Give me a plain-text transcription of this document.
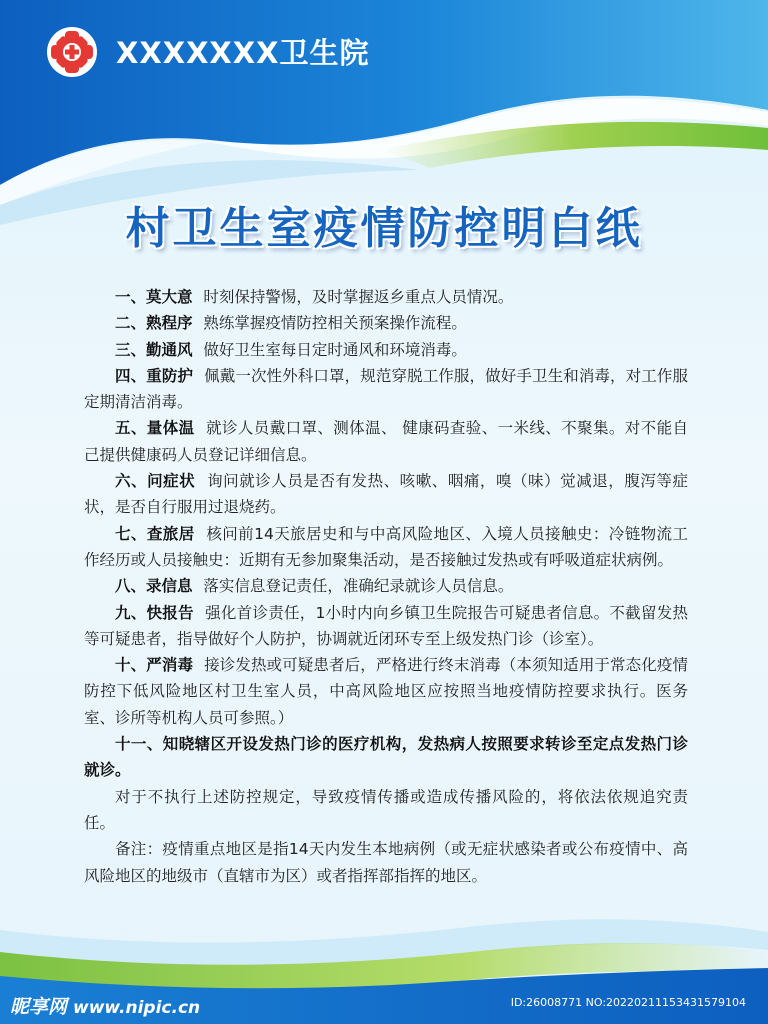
XXXXXXX卫生院

村卫生室疫情防控明白纸

一、莫大意 时刻保持警惕，及时掌握返乡重点人员情况。

二、熟程序 熟练掌握疫情防控相关预案操作流程。

三、勤通风 做好卫生室每日定时通风和环境消毒。

四、重防护 佩戴一次性外科口罩，规范穿脱工作服，做好手卫生和消毒，对工作服定期清洁消毒。

五、量体温 就诊人员戴口罩、测体温、 健康码查验、一米线、不聚集。对不能自己提供健康码人员登记详细信息。

六、问症状 询问就诊人员是否有发热、咳嗽、咽痛，嗅（味）觉减退，腹泻等症状，是否自行服用过退烧药。

七、查旅居 核问前14天旅居史和与中高风险地区、入境人员接触史：冷链物流工作经历或人员接触史：近期有无参加聚集活动，是否接触过发热或有呼吸道症状病例。

八、录信息 落实信息登记责任，准确纪录就诊人员信息。

九、快报告 强化首诊责任，1小时内向乡镇卫生院报告可疑患者信息。不截留发热等可疑患者，指导做好个人防护，协调就近闭环专至上级发热门诊（诊室）。

十、严消毒 接诊发热或可疑患者后，严格进行终末消毒（本须知适用于常态化疫情防控下低风险地区村卫生室人员，中高风险地区应按照当地疫情防控要求执行。医务室、诊所等机构人员可参照。）

十一、知晓辖区开设发热门诊的医疗机构，发热病人按照要求转诊至定点发热门诊就诊。

对于不执行上述防控规定，导致疫情传播或造成传播风险的，将依法依规追究责任。

备注：疫情重点地区是指14天内发生本地病例（或无症状感染者或公布疫情中、高风险地区的地级市（直辖市为区）或者指挥部指挥的地区。

昵享网 www.nipic.cn	ID:26008771 NO:20220211153431579104
